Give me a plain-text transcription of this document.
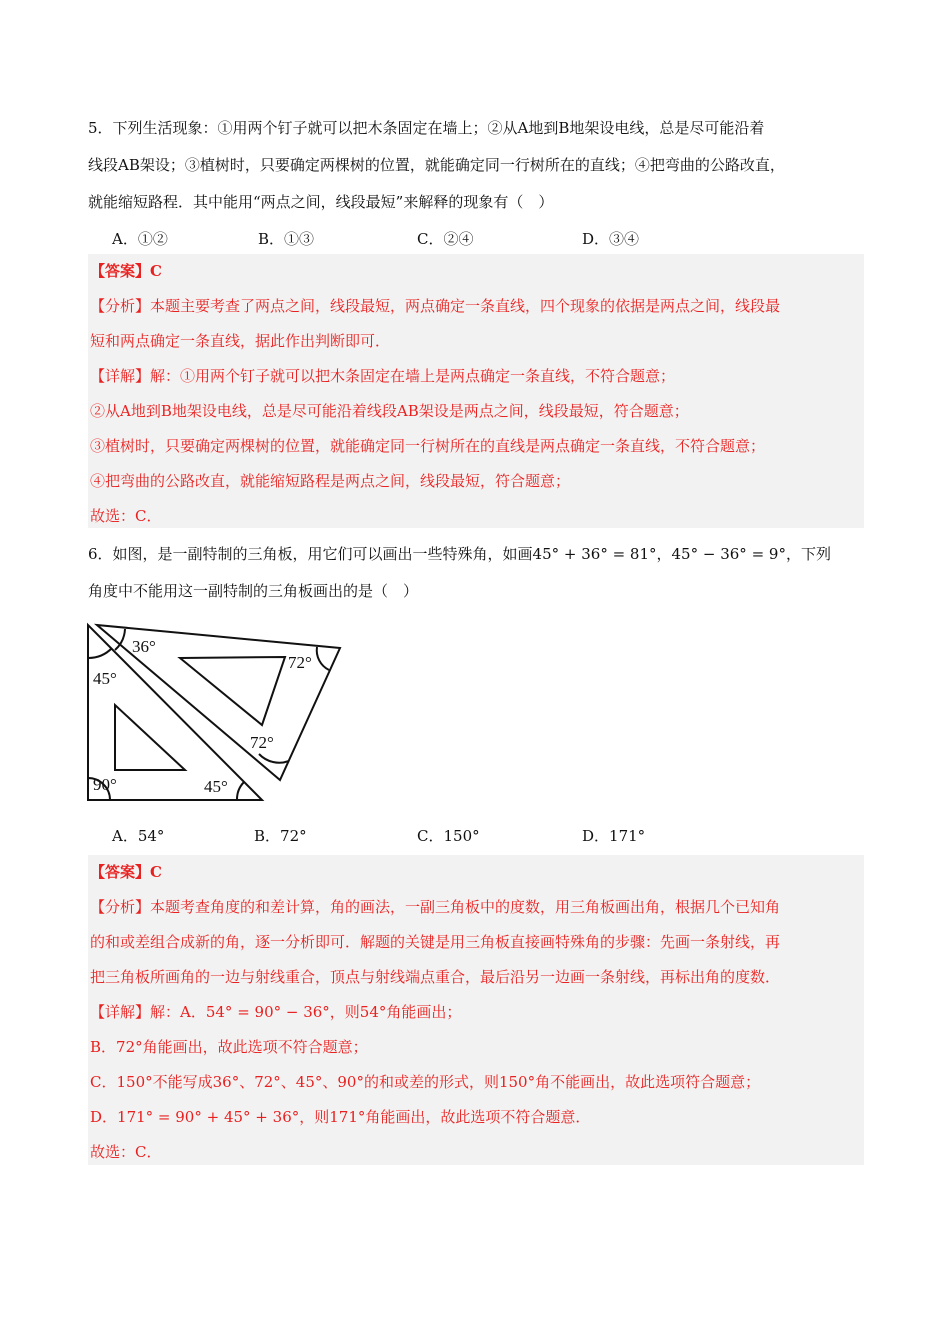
5．下列生活现象：①用两个钉子就可以把木条固定在墙上；②从A地到B地架设电线，总是尽可能沿着
线段AB架设；③植树时，只要确定两棵树的位置，就能确定同一行树所在的直线；④把弯曲的公路改直，
就能缩短路程．其中能用“两点之间，线段最短”来解释的现象有（　）
A．①②	B．①③	C．②④	D．③④
【答案】C
【分析】本题主要考查了两点之间，线段最短，两点确定一条直线，四个现象的依据是两点之间，线段最
短和两点确定一条直线，据此作出判断即可．
【详解】解：①用两个钉子就可以把木条固定在墙上是两点确定一条直线，不符合题意；
②从A地到B地架设电线，总是尽可能沿着线段AB架设是两点之间，线段最短，符合题意；
③植树时，只要确定两棵树的位置，就能确定同一行树所在的直线是两点确定一条直线，不符合题意；
④把弯曲的公路改直，就能缩短路程是两点之间，线段最短，符合题意；
故选：C．
6．如图，是一副特制的三角板，用它们可以画出一些特殊角，如画45° + 36° = 81°，45° − 36° = 9°，下列
角度中不能用这一副特制的三角板画出的是（　）
36°
72°
45°
72°
90°	45°
A．54°	B．72°	C．150°	D．171°
【答案】C
【分析】本题考查角度的和差计算，角的画法，一副三角板中的度数，用三角板画出角，根据几个已知角
的和或差组合成新的角，逐一分析即可．解题的关键是用三角板直接画特殊角的步骤：先画一条射线，再
把三角板所画角的一边与射线重合，顶点与射线端点重合，最后沿另一边画一条射线，再标出角的度数．
【详解】解：A．54° = 90° − 36°，则54°角能画出；
B．72°角能画出，故此选项不符合题意；
C．150°不能写成36°、72°、45°、90°的和或差的形式，则150°角不能画出，故此选项符合题意；
D．171° = 90° + 45° + 36°，则171°角能画出，故此选项不符合题意．
故选：C．
